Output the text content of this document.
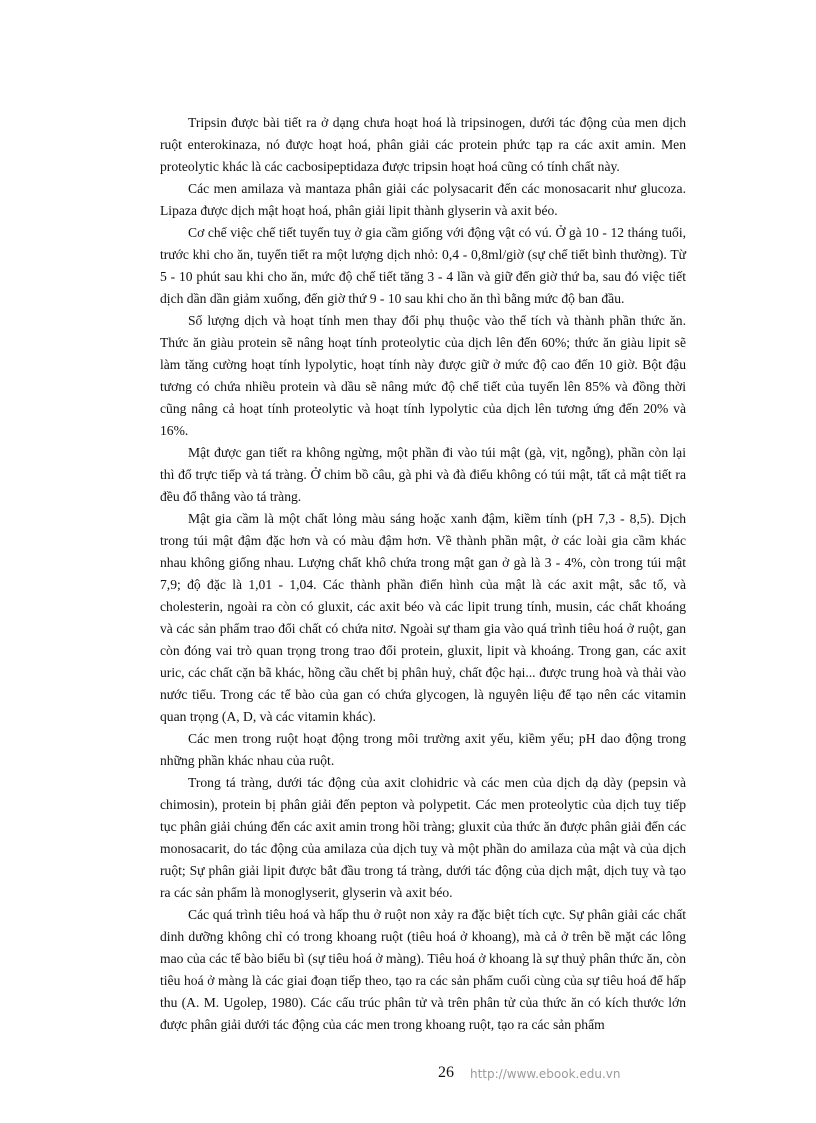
Tripsin được bài tiết ra ở dạng chưa hoạt hoá là tripsinogen, dưới tác động của men dịch ruột enterokinaza, nó được hoạt hoá, phân giải các protein phức tạp ra các axit amin. Men proteolytic khác là các cacbosipeptidaza được tripsin hoạt hoá cũng có tính chất này.

Các men amilaza và mantaza phân giải các polysacarit đến các monosacarit như glucoza. Lipaza được dịch mật hoạt hoá, phân giải lipit thành glyserin và axit béo.

Cơ chế việc chế tiết tuyến tuỵ ở gia cầm giống với động vật có vú. Ở gà 10 - 12 tháng tuổi, trước khi cho ăn, tuyến tiết ra một lượng dịch nhỏ: 0,4 - 0,8ml/giờ (sự chế tiết bình thường). Từ 5 - 10 phút sau khi cho ăn, mức độ chế tiết tăng 3 - 4 lần và giữ đến giờ thứ ba, sau đó việc tiết dịch dần dần giảm xuống, đến giờ thứ 9 - 10 sau khi cho ăn thì bằng mức độ ban đầu.

Số lượng dịch và hoạt tính men thay đổi phụ thuộc vào thể tích và thành phần thức ăn. Thức ăn giàu protein sẽ nâng hoạt tính proteolytic của dịch lên đến 60%; thức ăn giàu lipit sẽ làm tăng cường hoạt tính lypolytic, hoạt tính này được giữ ở mức độ cao đến 10 giờ. Bột đậu tương có chứa nhiều protein và dầu sẽ nâng mức độ chế tiết của tuyến lên 85% và đồng thời cũng nâng cả hoạt tính proteolytic và hoạt tính lypolytic của dịch lên tương ứng đến 20% và 16%.

Mật được gan tiết ra không ngừng, một phần đi vào túi mật (gà, vịt, ngỗng), phần còn lại thì đổ trực tiếp và tá tràng. Ở chim bồ câu, gà phi và đà điểu không có túi mật, tất cả mật tiết ra đều đổ thẳng vào tá tràng.

Mật gia cầm là một chất lỏng màu sáng hoặc xanh đậm, kiềm tính (pH 7,3 - 8,5). Dịch trong túi mật đậm đặc hơn và có màu đậm hơn. Về thành phần mật, ở các loài gia cầm khác nhau không giống nhau. Lượng chất khô chứa trong mật gan ở gà là 3 - 4%, còn trong túi mật 7,9; độ đặc là 1,01 - 1,04. Các thành phần điển hình của mật là các axit mật, sắc tố, và cholesterin, ngoài ra còn có gluxit, các axit béo và các lipit trung tính, musin, các chất khoáng và các sản phẩm trao đổi chất có chứa nitơ. Ngoài sự tham gia vào quá trình tiêu hoá ở ruột, gan còn đóng vai trò quan trọng trong trao đổi protein, gluxit, lipit và khoáng. Trong gan, các axit uric, các chất cặn bã khác, hồng cầu chết bị phân huỷ, chất độc hại... được trung hoà và thải vào nước tiểu. Trong các tế bào của gan có chứa glycogen, là nguyên liệu để tạo nên các vitamin quan trọng (A, D, và các vitamin khác).

Các men trong ruột hoạt động trong môi trường axit yếu, kiềm yếu; pH dao động trong những phần khác nhau của ruột.

Trong tá tràng, dưới tác động của axit clohidric và các men của dịch dạ dày (pepsin và chimosin), protein bị phân giải đến pepton và polypetit. Các men proteolytic của dịch tuỵ tiếp tục phân giải chúng đến các axit amin trong hồi tràng; gluxit của thức ăn được phân giải đến các monosacarit, do tác động của amilaza của dịch tuỵ và một phần do amilaza của mật và của dịch ruột; Sự phân giải lipit được bắt đầu trong tá tràng, dưới tác động của dịch mật, dịch tuỵ và tạo ra các sản phẩm là monoglyserit, glyserin và axit béo.

Các quá trình tiêu hoá và hấp thu ở ruột non xảy ra đặc biệt tích cực. Sự phân giải các chất dinh dưỡng không chỉ có trong khoang ruột (tiêu hoá ở khoang), mà cả ở trên bề mặt các lông mao của các tế bào biểu bì (sự tiêu hoá ở màng). Tiêu hoá ở khoang là sự thuỷ phân thức ăn, còn tiêu hoá ở màng là các giai đoạn tiếp theo, tạo ra các sản phẩm cuối cùng của sự tiêu hoá để hấp thu (A. M. Ugolep, 1980). Các cấu trúc phân tử và trên phân tử của thức ăn có kích thước lớn được phân giải dưới tác động của các men trong khoang ruột, tạo ra các sản phẩm

26 http://www.ebook.edu.vn
